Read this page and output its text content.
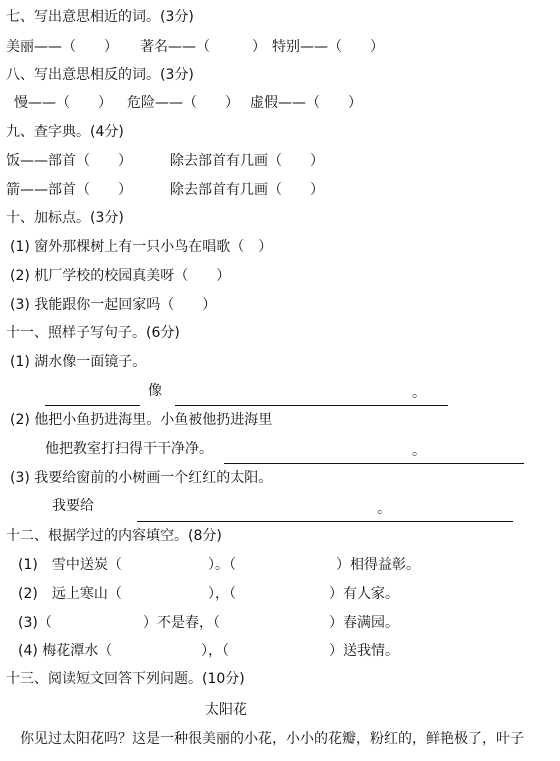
七、写出意思相近的词。(3分)
美丽——（　　） 著名——（　　　） 特别——（　　）
八、写出意思相反的词。(3分)
慢——（　　） 危险——（　　） 虚假——（　　）
九、查字典。(4分)
饭——部首（　　）	除去部首有几画（　　）
箭——部首（　　）	除去部首有几画（　　）
十、加标点。(3分)
(1) 窗外那棵树上有一只小鸟在唱歌（　）
(2) 机厂学校的校园真美呀（　　）
(3) 我能跟你一起回家吗（　　）
十一、照样子写句子。(6分)
(1) 湖水像一面镜子。
像	。
(2) 他把小鱼扔进海里。小鱼被他扔进海里
他把教室打扫得干干净净。	。
(3) 我要给窗前的小树画一个红红的太阳。
我要给	。
十二、根据学过的内容填空。(8分)
(1)　雪中送炭（	）。（	）相得益彰。
(2)　远上寒山（	），（	）有人家。
(3)（	）不是春，（	）春满园。
(4) 梅花潭水（	），（	）送我情。
十三、阅读短文回答下列问题。(10分)
太阳花
你见过太阳花吗？这是一种很美丽的小花，小小的花瓣，粉红的，鲜艳极了，叶子
